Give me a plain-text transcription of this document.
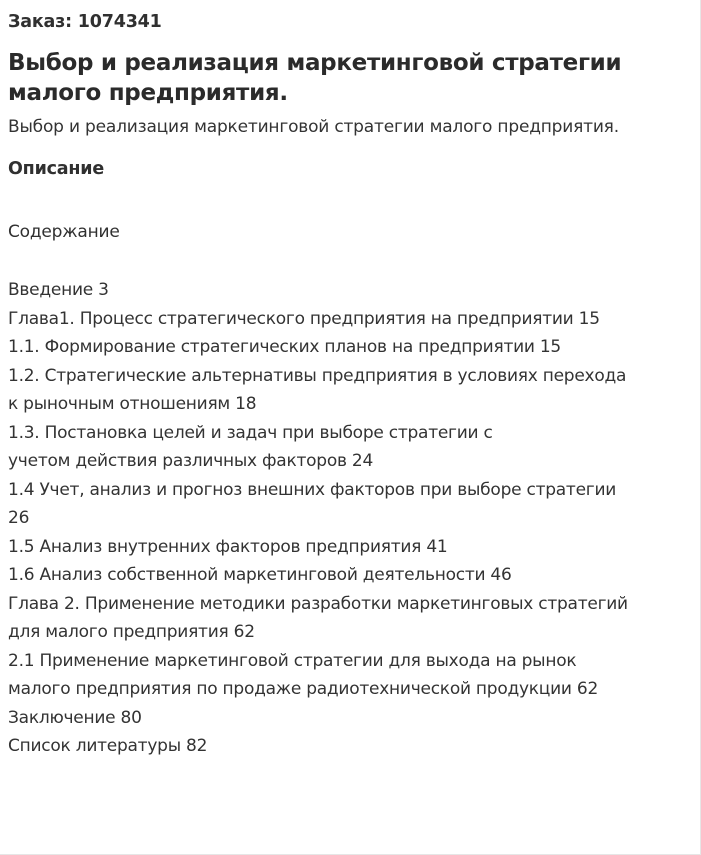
Заказ: 1074341
Выбор и реализация маркетинговой стратегии малого предприятия.
Выбор и реализация маркетинговой стратегии малого предприятия.
Описание
Содержание
Введение 3
Глава1. Процесс стратегического предприятия на предприятии 15
1.1. Формирование стратегических планов на предприятии 15
1.2. Стратегические альтернативы предприятия в условиях перехода
к рыночным отношениям 18
1.3. Постановка целей и задач при выборе стратегии с
учетом действия различных факторов 24
1.4 Учет, анализ и прогноз внешних факторов при выборе стратегии
26
1.5 Анализ внутренних факторов предприятия 41
1.6 Анализ собственной маркетинговой деятельности 46
Глава 2. Применение методики разработки маркетинговых стратегий
для малого предприятия 62
2.1 Применение маркетинговой стратегии для выхода на рынок
малого предприятия по продаже радиотехнической продукции 62
Заключение 80
Список литературы 82
